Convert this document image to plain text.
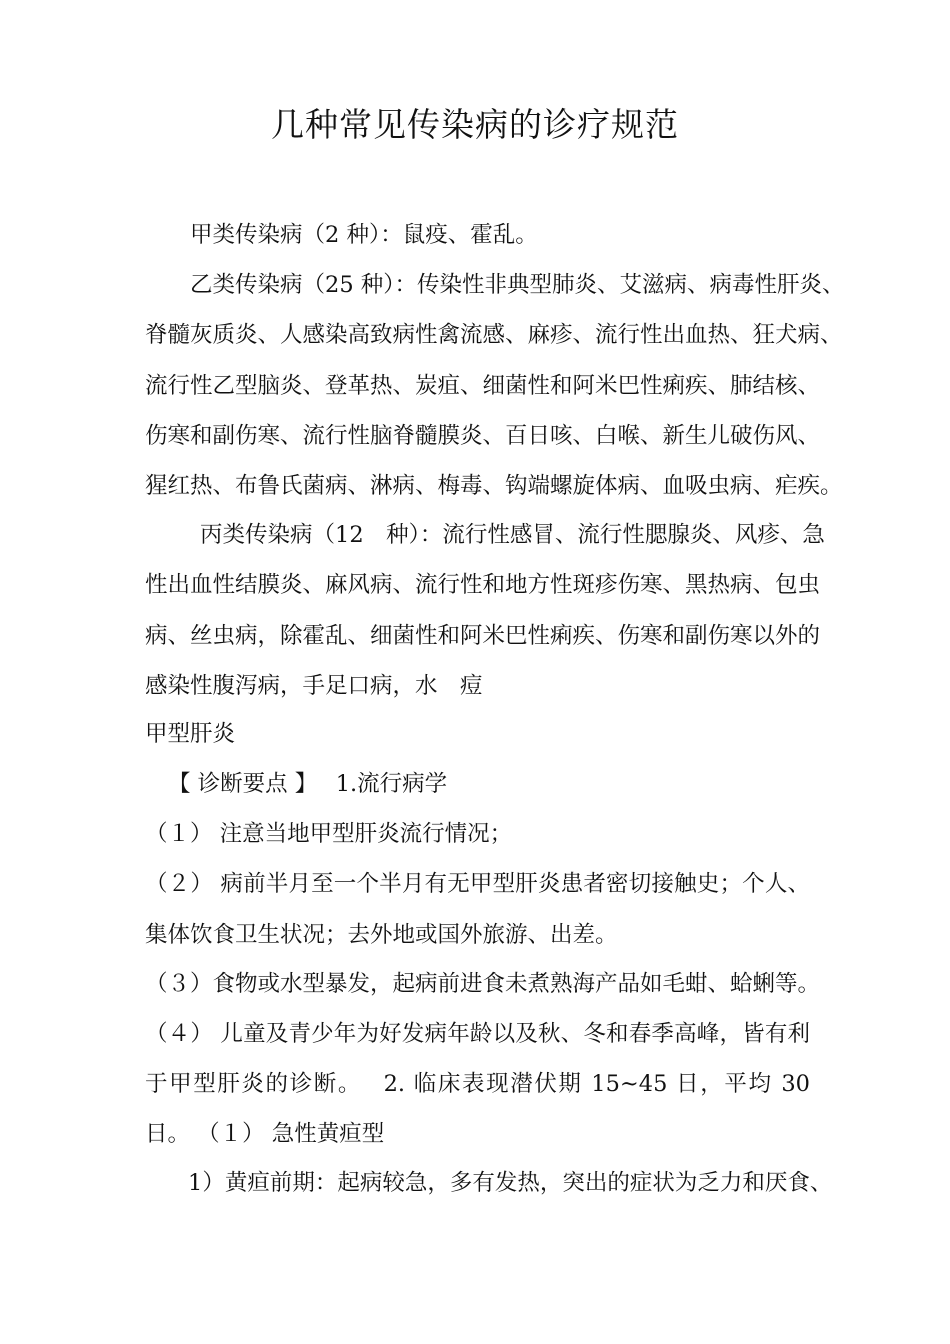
几种常见传染病的诊疗规范

甲类传染病（2 种）：鼠疫、霍乱。

乙类传染病（25 种）：传染性非典型肺炎、艾滋病、病毒性肝炎、

脊髓灰质炎、人感染高致病性禽流感、麻疹、流行性出血热、狂犬病、

流行性乙型脑炎、登革热、炭疽、细菌性和阿米巴性痢疾、肺结核、

伤寒和副伤寒、流行性脑脊髓膜炎、百日咳、白喉、新生儿破伤风、

猩红热、布鲁氏菌病、淋病、梅毒、钩端螺旋体病、血吸虫病、疟疾。

丙类传染病（12　种）：流行性感冒、流行性腮腺炎、风疹、急

性出血性结膜炎、麻风病、流行性和地方性斑疹伤寒、黑热病、包虫

病、丝虫病，除霍乱、细菌性和阿米巴性痢疾、伤寒和副伤寒以外的

感染性腹泻病，手足口病，水　痘

甲型肝炎

【 诊断要点 】　 1.流行病学

（１） 注意当地甲型肝炎流行情况；

（２） 病前半月至一个半月有无甲型肝炎患者密切接触史；个人、

集体饮食卫生状况；去外地或国外旅游、出差。

（３）食物或水型暴发，起病前进食未煮熟海产品如毛蚶、蛤蜊等。

（４） 儿童及青少年为好发病年龄以及秋、冬和春季高峰，皆有利

于甲型肝炎的诊断。　 2. 临床表现潜伏期 15~45 日，平均 30

日。 （１） 急性黄疸型

1）黄疸前期：起病较急，多有发热，突出的症状为乏力和厌食、
